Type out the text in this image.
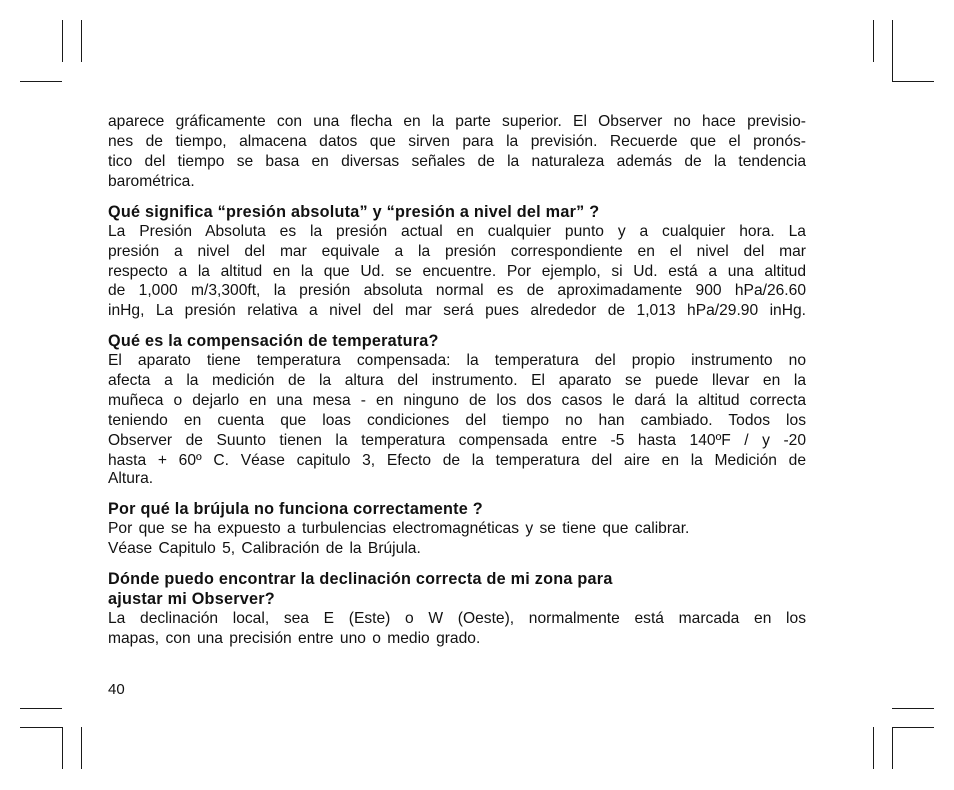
aparece gráficamente con una flecha en la parte superior. El Observer no hace previsio-
nes de tiempo, almacena datos que sirven para la previsión. Recuerde que el pronós-
tico del tiempo se basa en diversas señales de la naturaleza además de la tendencia
barométrica.
Qué significa “presión absoluta” y “presión a nivel del mar” ?
La Presión Absoluta es la presión actual en cualquier punto y a cualquier hora. La
presión a nivel del mar equivale a la presión correspondiente en el nivel del mar
respecto a la altitud en la que Ud. se encuentre. Por ejemplo, si Ud. está a una altitud
de 1,000 m/3,300ft, la presión absoluta normal es de aproximadamente 900 hPa/26.60
inHg, La presión relativa a nivel del mar será pues alrededor de 1,013 hPa/29.90 inHg.
Qué es la compensación de temperatura?
El aparato tiene temperatura compensada: la temperatura del propio instrumento no
afecta a la medición de la altura del instrumento. El aparato se puede llevar en la
muñeca o dejarlo en una mesa - en ninguno de los dos casos le dará la altitud correcta
teniendo en cuenta que loas condiciones del tiempo no han cambiado. Todos los
Observer de Suunto tienen la temperatura compensada entre -5 hasta 140ºF / y -20
hasta + 60º C. Véase capitulo 3, Efecto de la temperatura del aire en la Medición de
Altura.
Por qué la brújula no funciona correctamente ?
Por que se ha expuesto a turbulencias electromagnéticas y se tiene que calibrar.
Véase Capitulo 5, Calibración de la Brújula.
Dónde puedo encontrar la declinación correcta de mi zona para
ajustar mi Observer?
La declinación local, sea E (Este) o W (Oeste), normalmente está marcada en los
mapas, con una precisión entre uno o medio grado.
40
